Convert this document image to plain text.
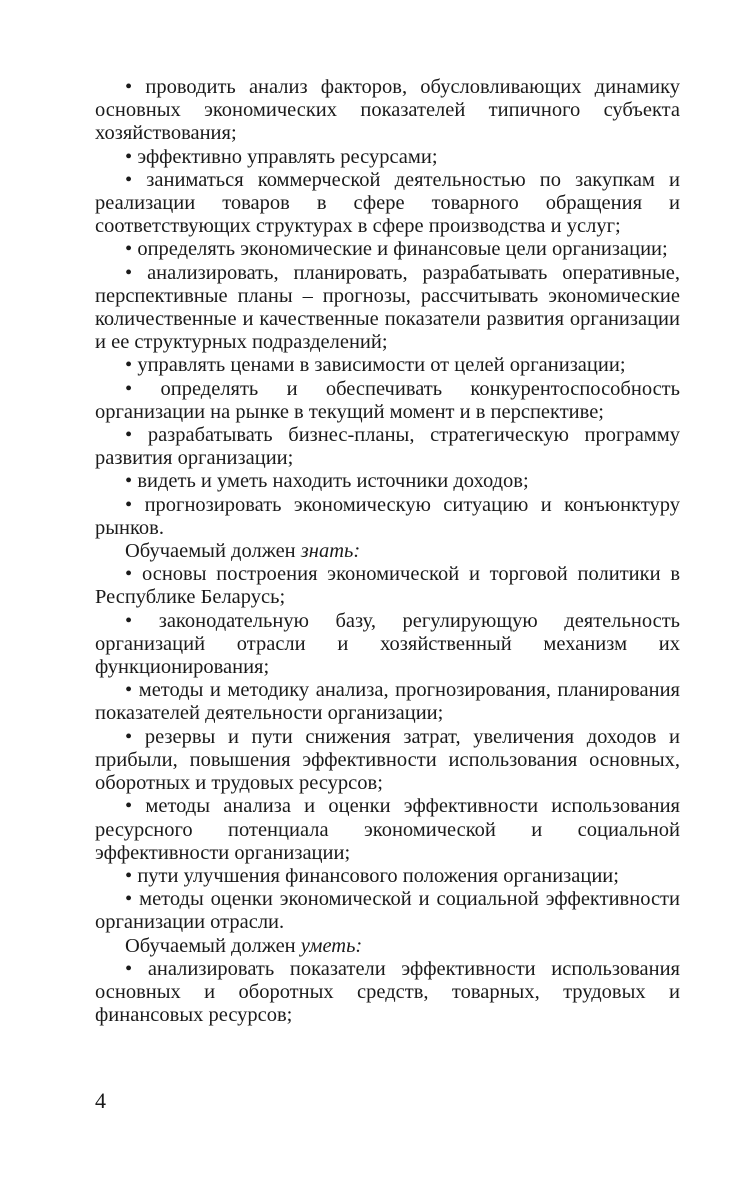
• проводить анализ факторов, обусловливающих динамику основных экономических показателей типичного субъекта хозяйствования;

• эффективно управлять ресурсами;

• заниматься коммерческой деятельностью по закупкам и реализации товаров в сфере товарного обращения и соответствующих структурах в сфере производства и услуг;

• определять экономические и финансовые цели организации;

• анализировать, планировать, разрабатывать оперативные, перспективные планы – прогнозы, рассчитывать экономические количественные и качественные показатели развития организации и ее структурных подразделений;

• управлять ценами в зависимости от целей организации;

• определять и обеспечивать конкурентоспособность организации на рынке в текущий момент и в перспективе;

• разрабатывать бизнес-планы, стратегическую программу развития организации;

• видеть и уметь находить источники доходов;

• прогнозировать экономическую ситуацию и конъюнктуру рынков.

Обучаемый должен знать:

• основы построения экономической и торговой политики в Республике Беларусь;

• законодательную базу, регулирующую деятельность организаций отрасли и хозяйственный механизм их функционирования;

• методы и методику анализа, прогнозирования, планирования показателей деятельности организации;

• резервы и пути снижения затрат, увеличения доходов и прибыли, повышения эффективности использования основных, оборотных и трудовых ресурсов;

• методы анализа и оценки эффективности использования ресурсного потенциала экономической и социальной эффективности организации;

• пути улучшения финансового положения организации;

• методы оценки экономической и социальной эффективности организации отрасли.

Обучаемый должен уметь:

• анализировать показатели эффективности использования основных и оборотных средств, товарных, трудовых и финансовых ресурсов;

4
